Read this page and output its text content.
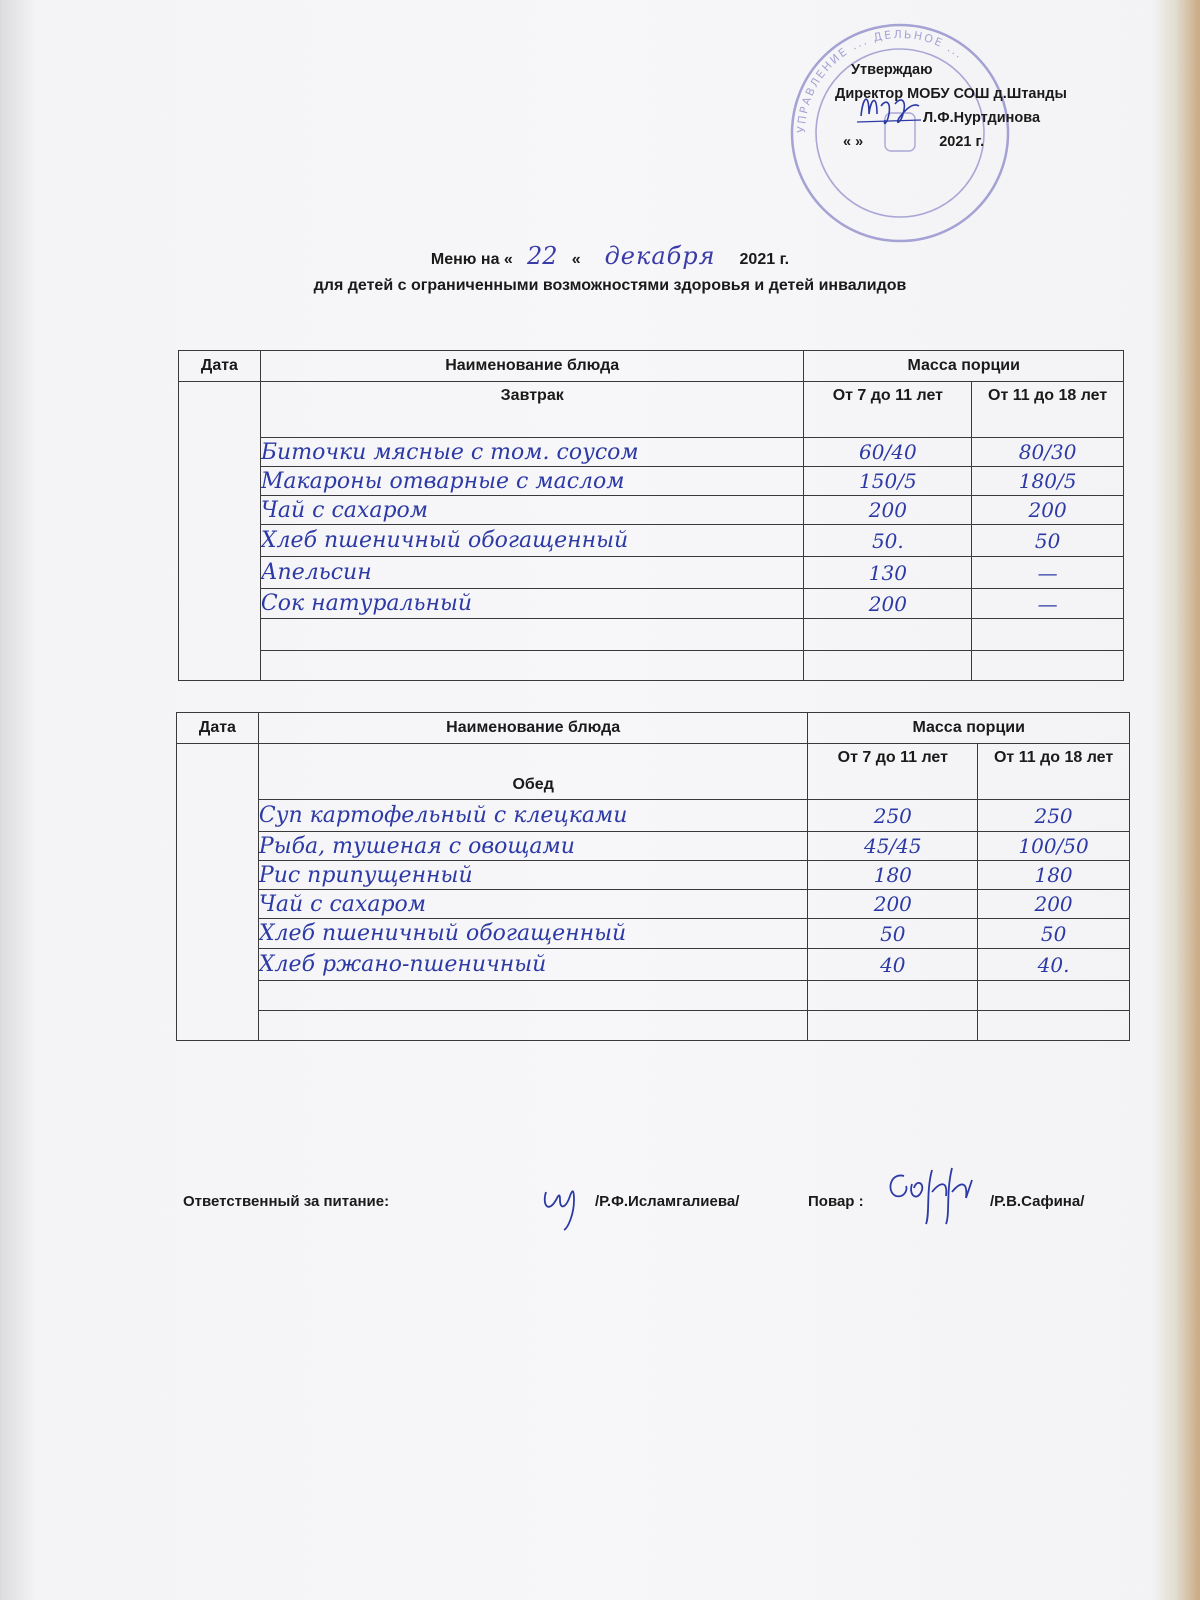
УПРАВЛЕНИЕ ... ДЕЛЬНОЕ ...
Утверждаю
Директор МОБУ СОШ д.Штанды
Л.Ф.Нуртдинова
« »	2021 г.
Меню на « 22 « декабря 2021 г.
для детей с ограниченными возможностями здоровья и детей инвалидов
Дата	Наименование блюда	Масса порции	
	Завтрак	От 7 до 11 лет	От 11 до 18 лет
	Биточки мясные с том. соусом	60/40	80/30
	Макароны отварные с маслом	150/5	180/5
	Чай с сахаром	200	200
	Хлеб пшеничный обогащенный	50.	50
	Апельсин	130	—
	Сок натуральный	200	—

Дата	Наименование блюда	Масса порции	
	Обед	От 7 до 11 лет	От 11 до 18 лет
	Суп картофельный с клецками	250	250
	Рыба, тушеная с овощами	45/45	100/50
	Рис припущенный	180	180
	Чай с сахаром	200	200
	Хлеб пшеничный обогащенный	50	50
	Хлеб ржано-пшеничный	40	40.

Ответственный за питание:	/Р.Ф.Исламгалиева/	Повар :	/Р.В.Сафина/
